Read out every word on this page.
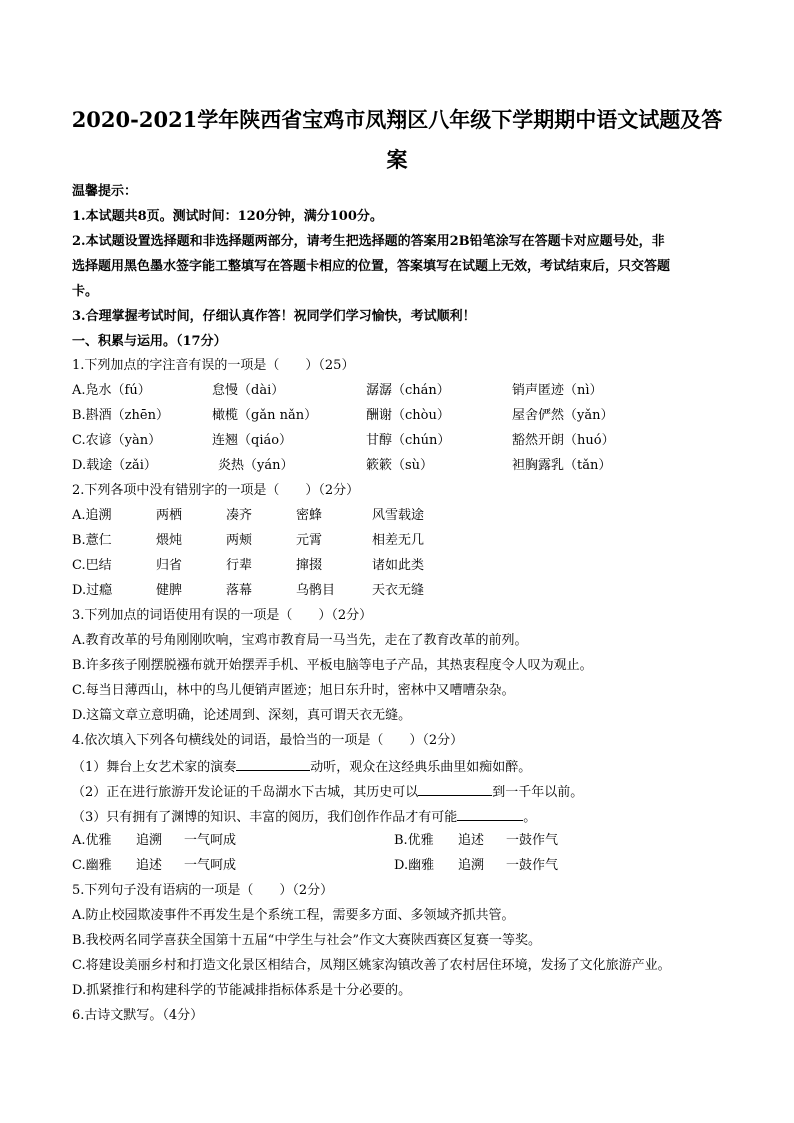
2020-2021学年陕西省宝鸡市凤翔区八年级下学期期中语文试题及答
案
温馨提示：
1.本试题共8页。测试时间：120分钟，满分100分。
2.本试题设置选择题和非选择题两部分，请考生把选择题的答案用2B铅笔涂写在答题卡对应题号处，非
选择题用黑色墨水签字能工整填写在答题卡相应的位置，答案填写在试题上无效，考试结束后，只交答题
卡。
3.合理掌握考试时间，仔细认真作答！祝同学们学习愉快，考试顺利！
一、积累与运用。（17分）
1.下列加点的字注音有误的一项是（　　）（25）
A.凫水（fú）	怠慢（dài）	潺潺（chán）	销声匿迹（nì）
B.斟酒（zhēn）	橄榄（gǎn nǎn）	酬谢（chòu）	屋舍俨然（yǎn）
C.农谚（yàn）	连翘（qiáo）	甘醇（chún）	豁然开朗（huó）
D.载途（zǎi）	炎热（yán）	簌簌（sù）	袒胸露乳（tǎn）
2.下列各项中没有错别字的一项是（　　）（2分）
A.追溯	两栖	凑齐	密蜂	风雪载途
B.薏仁	煨炖	两颊	元霄	相差无几
C.巴结	归省	行辈	撺掇	诸如此类
D.过瘾	健脾	落幕	乌鹘目	天衣无缝
3.下列加点的词语使用有误的一项是（　　）（2分）
A.教育改革的号角刚刚吹响，宝鸡市教育局一马当先，走在了教育改革的前列。
B.许多孩子刚摆脱襁布就开始摆弄手机、平板电脑等电子产品，其热衷程度令人叹为观止。
C.每当日薄西山，林中的鸟儿便销声匿迹；旭日东升时，密林中又嘈嘈杂杂。
D.这篇文章立意明确，论述周到、深刻，真可谓天衣无缝。
4.依次填入下列各句横线处的词语，最恰当的一项是（　　）（2分）
（1）舞台上女艺术家的演奏	动听，观众在这经典乐曲里如痴如醉。
（2）正在进行旅游开发论证的千岛湖水下古城，其历史可以	到一千年以前。
（3）只有拥有了渊博的知识、丰富的阅历，我们创作作品才有可能	。
A.优雅 追溯 一气呵成	B.优雅 追述 一鼓作气
C.幽雅 追述 一气呵成	D.幽雅 追溯 一鼓作气
5.下列句子没有语病的一项是（　　）（2分）
A.防止校园欺凌事件不再发生是个系统工程，需要多方面、多领域齐抓共管。
B.我校两名同学喜获全国第十五届“中学生与社会”作文大赛陕西赛区复赛一等奖。
C.将建设美丽乡村和打造文化景区相结合，凤翔区姚家沟镇改善了农村居住环境，发扬了文化旅游产业。
D.抓紧推行和构建科学的节能减排指标体系是十分必要的。
6.古诗文默写。（4分）
